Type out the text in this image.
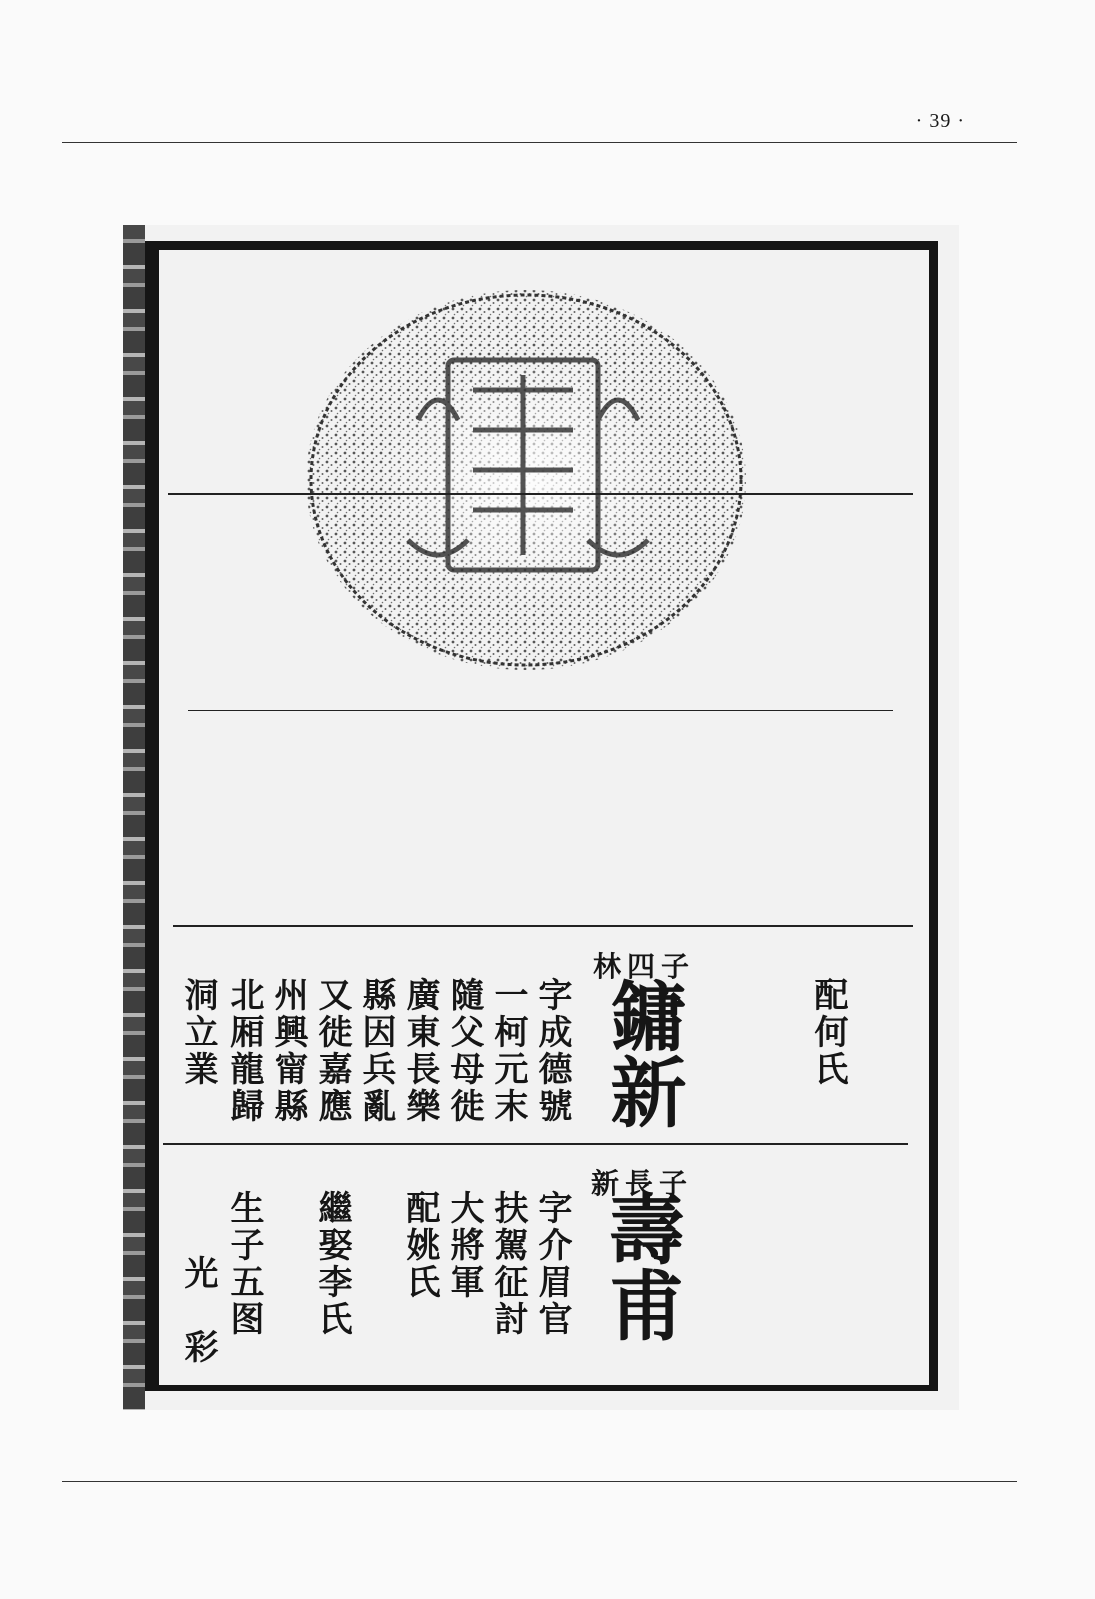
· 39 ·
配何氏
林四子
鏞新
字成德號
一柯元末
隨父母徙
廣東長樂
縣因兵亂
又徙嘉應
州興甯縣
北厢龍歸
洞立業
新長子
壽甫
字介眉官
扶駕征討
大將軍
配姚氏
繼娶李氏
生子五图
光　彩
